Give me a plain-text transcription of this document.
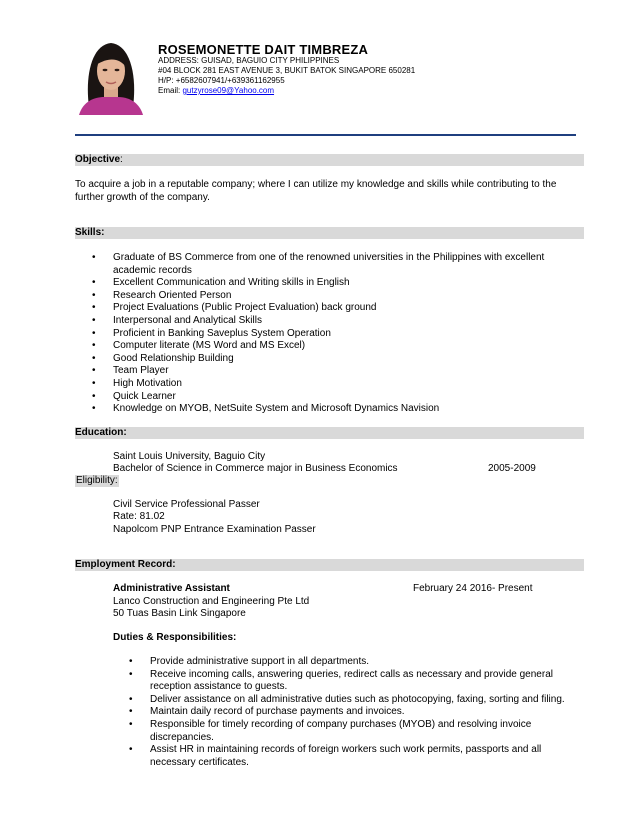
ROSEMONETTE DAIT TIMBREZA
ADDRESS: GUISAD, BAGUIO CITY PHILIPPINES
#04 BLOCK 281 EAST AVENUE 3, BUKIT BATOK SINGAPORE 650281
H/P: +6582607941/+639361162955
Email: gutzyrose09@Yahoo.com
Objective:
To acquire a job in a reputable company; where I can utilize my knowledge and skills while contributing to the further growth of the company.
Skills:
• Graduate of BS Commerce from one of the renowned universities in the Philippines with excellent academic records
• Excellent Communication and Writing skills in English
• Research Oriented Person
• Project Evaluations (Public Project Evaluation) back ground
• Interpersonal and Analytical Skills
• Proficient in Banking Saveplus System Operation
• Computer literate (MS Word and MS Excel)
• Good Relationship Building
• Team Player
• High Motivation
• Quick Learner
• Knowledge on MYOB, NetSuite System and Microsoft Dynamics Navision
Education:
Saint Louis University, Baguio City
Bachelor of Science in Commerce major in Business Economics	2005-2009
Eligibility:
Civil Service Professional Passer
Rate: 81.02
Napolcom PNP Entrance Examination Passer
Employment Record:
Administrative Assistant	February 24 2016- Present
Lanco Construction and Engineering Pte Ltd
50 Tuas Basin Link Singapore
Duties & Responsibilities:
• Provide administrative support in all departments.
• Receive incoming calls, answering queries, redirect calls as necessary and provide general reception assistance to guests.
• Deliver assistance on all administrative duties such as photocopying, faxing, sorting and filing.
• Maintain daily record of purchase payments and invoices.
• Responsible for timely recording of company purchases (MYOB) and resolving invoice discrepancies.
• Assist HR in maintaining records of foreign workers such work permits, passports and all necessary certificates.
